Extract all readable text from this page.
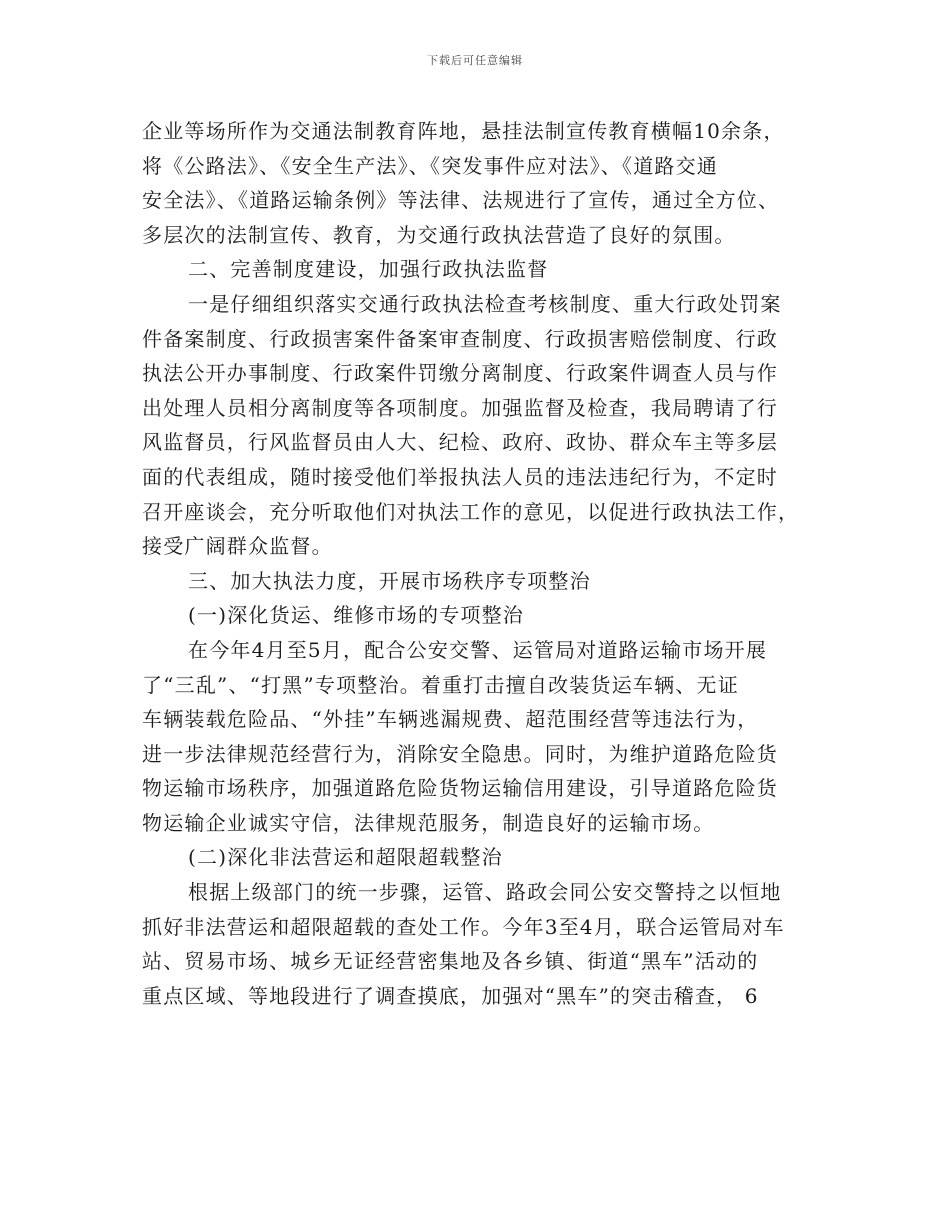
下载后可任意编辑
企业等场所作为交通法制教育阵地，悬挂法制宣传教育横幅10余条，
将《公路法》、《安全生产法》、《突发事件应对法》、《道路交通
安全法》、《道路运输条例》等法律、法规进行了宣传，通过全方位、
多层次的法制宣传、教育，为交通行政执法营造了良好的氛围。
二、完善制度建设，加强行政执法监督
一是仔细组织落实交通行政执法检查考核制度、重大行政处罚案
件备案制度、行政损害案件备案审查制度、行政损害赔偿制度、行政
执法公开办事制度、行政案件罚缴分离制度、行政案件调查人员与作
出处理人员相分离制度等各项制度。加强监督及检查，我局聘请了行
风监督员，行风监督员由人大、纪检、政府、政协、群众车主等多层
面的代表组成，随时接受他们举报执法人员的违法违纪行为，不定时
召开座谈会，充分听取他们对执法工作的意见，以促进行政执法工作，
接受广阔群众监督。
三、加大执法力度，开展市场秩序专项整治
(一)深化货运、维修市场的专项整治
在今年4月至5月，配合公安交警、运管局对道路运输市场开展
了“三乱”、“打黑”专项整治。着重打击擅自改装货运车辆、无证
车辆装载危险品、“外挂”车辆逃漏规费、超范围经营等违法行为，
进一步法律规范经营行为，消除安全隐患。同时，为维护道路危险货
物运输市场秩序，加强道路危险货物运输信用建设，引导道路危险货
物运输企业诚实守信，法律规范服务，制造良好的运输市场。
(二)深化非法营运和超限超载整治
根据上级部门的统一步骤，运管、路政会同公安交警持之以恒地
抓好非法营运和超限超载的查处工作。今年3至4月，联合运管局对车
站、贸易市场、城乡无证经营密集地及各乡镇、街道“黑车”活动的
重点区域、等地段进行了调查摸底，加强对“黑车”的突击稽查， 6
